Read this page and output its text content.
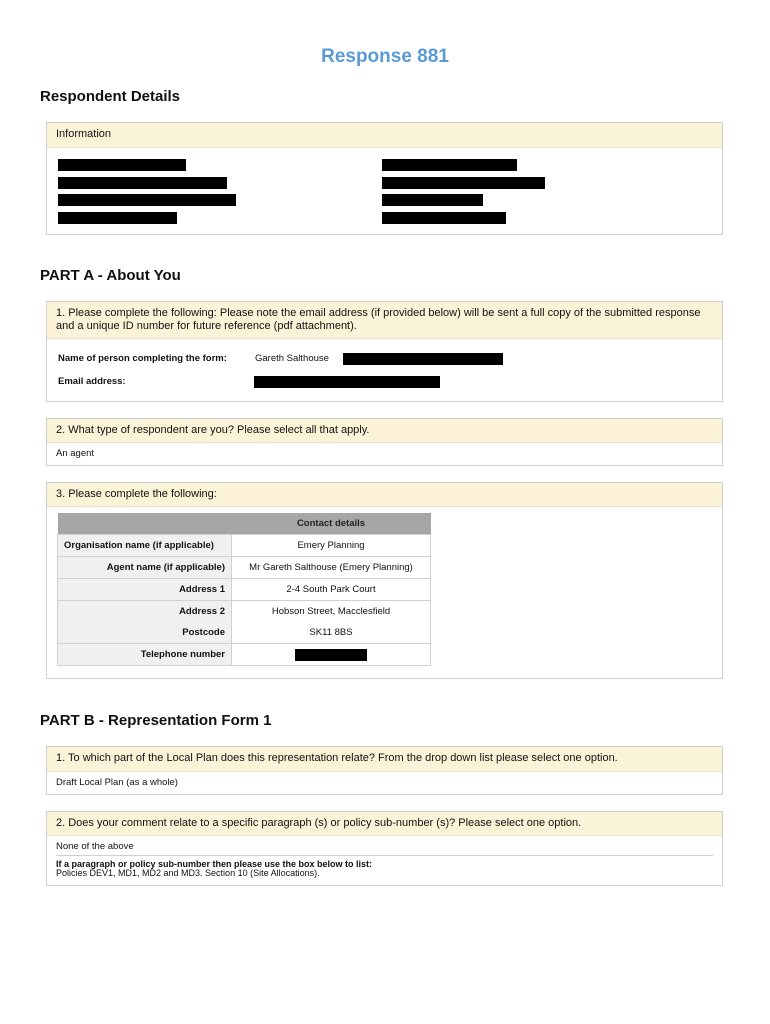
Response 881
Respondent Details
Information
PART A - About You
1. Please complete the following: Please note the email address (if provided below) will be sent a full copy of the submitted response and a unique ID number for future reference (pdf attachment).
Name of person completing the form:	Gareth Salthouse
Email address:
2. What type of respondent are you? Please select all that apply.
An agent
3. Please complete the following:
	Contact details
Organisation name (if applicable)	Emery Planning
Agent name (if applicable)	Mr Gareth Salthouse (Emery Planning)
Address 1	2-4 South Park Court
Address 2	Hobson Street, Macclesfield
Postcode	SK11 8BS
Telephone number	
PART B - Representation Form 1
1. To which part of the Local Plan does this representation relate? From the drop down list please select one option.
Draft Local Plan (as a whole)
2. Does your comment relate to a specific paragraph (s) or policy sub-number (s)? Please select one option.
None of the above
If a paragraph or policy sub-number then please use the box below to list:
Policies DEV1, MD1, MD2 and MD3. Section 10 (Site Allocations).
